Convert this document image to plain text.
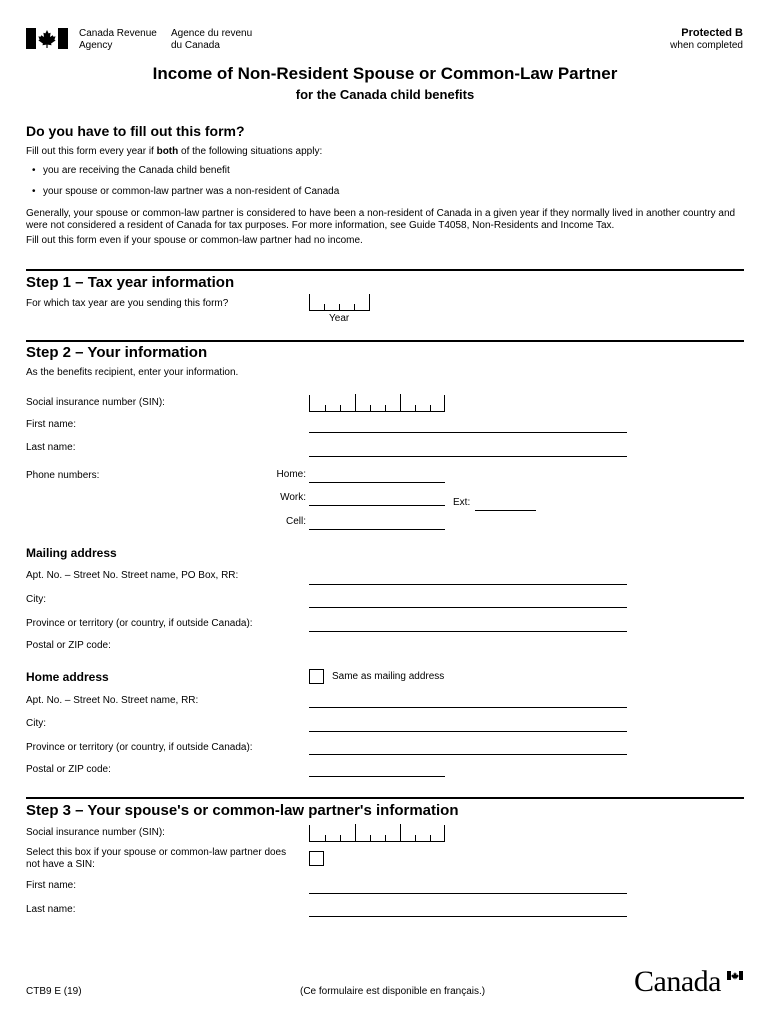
Canada Revenue
Agency
Agence du revenu
du Canada
Protected B
when completed
Income of Non-Resident Spouse or Common-Law Partner
for the Canada child benefits
Do you have to fill out this form?
Fill out this form every year if both of the following situations apply:
• you are receiving the Canada child benefit
• your spouse or common-law partner was a non-resident of Canada
Generally, your spouse or common-law partner is considered to have been a non-resident of Canada in a given year if they normally lived in another country and were not considered a resident of Canada for tax purposes. For more information, see Guide T4058, Non-Residents and Income Tax.
Fill out this form even if your spouse or common-law partner had no income.
Step 1 – Tax year information
For which tax year are you sending this form?
Year
Step 2 – Your information
As the benefits recipient, enter your information.
Social insurance number (SIN):
First name:
Last name:
Phone numbers:	Home:
Work:	Ext:
Cell:
Mailing address
Apt. No. – Street No. Street name, PO Box, RR:
City:
Province or territory (or country, if outside Canada):
Postal or ZIP code:
Home address	Same as mailing address
Apt. No. – Street No. Street name, RR:
City:
Province or territory (or country, if outside Canada):
Postal or ZIP code:
Step 3 – Your spouse's or common-law partner's information
Social insurance number (SIN):
Select this box if your spouse or common-law partner does
not have a SIN:
First name:
Last name:
CTB9 E (19)	(Ce formulaire est disponible en français.)	Canada
